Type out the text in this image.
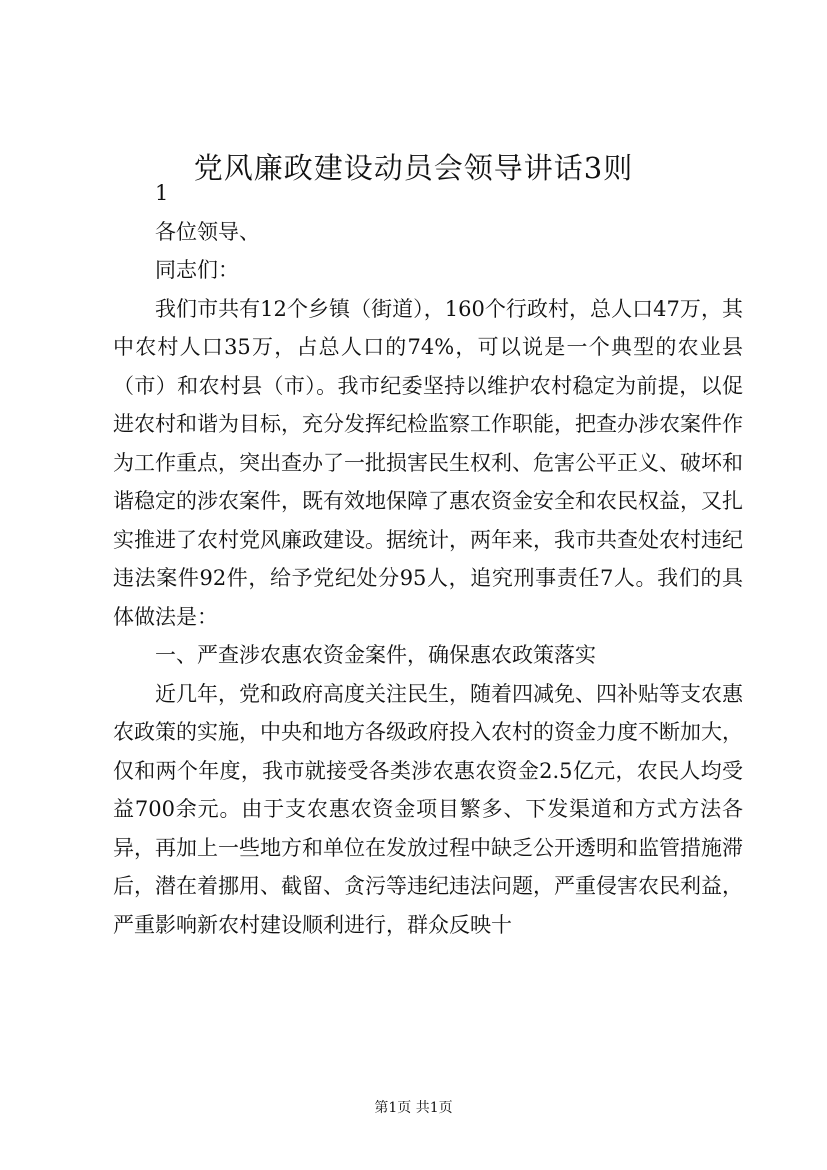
党风廉政建设动员会领导讲话3则

1

各位领导、

同志们：

我们市共有12个乡镇（街道），160个行政村，总人口47万，其中农村人口35万，占总人口的74%，可以说是一个典型的农业县（市）和农村县（市）。我市纪委坚持以维护农村稳定为前提，以促进农村和谐为目标，充分发挥纪检监察工作职能，把查办涉农案件作为工作重点，突出查办了一批损害民生权利、危害公平正义、破坏和谐稳定的涉农案件，既有效地保障了惠农资金安全和农民权益，又扎实推进了农村党风廉政建设。据统计，两年来，我市共查处农村违纪违法案件92件，给予党纪处分95人，追究刑事责任7人。我们的具体做法是：

一、严查涉农惠农资金案件，确保惠农政策落实

近几年，党和政府高度关注民生，随着四减免、四补贴等支农惠农政策的实施，中央和地方各级政府投入农村的资金力度不断加大，仅和两个年度，我市就接受各类涉农惠农资金2.5亿元，农民人均受益700余元。由于支农惠农资金项目繁多、下发渠道和方式方法各异，再加上一些地方和单位在发放过程中缺乏公开透明和监管措施滞后，潜在着挪用、截留、贪污等违纪违法问题，严重侵害农民利益，严重影响新农村建设顺利进行，群众反映十

第1页 共1页
